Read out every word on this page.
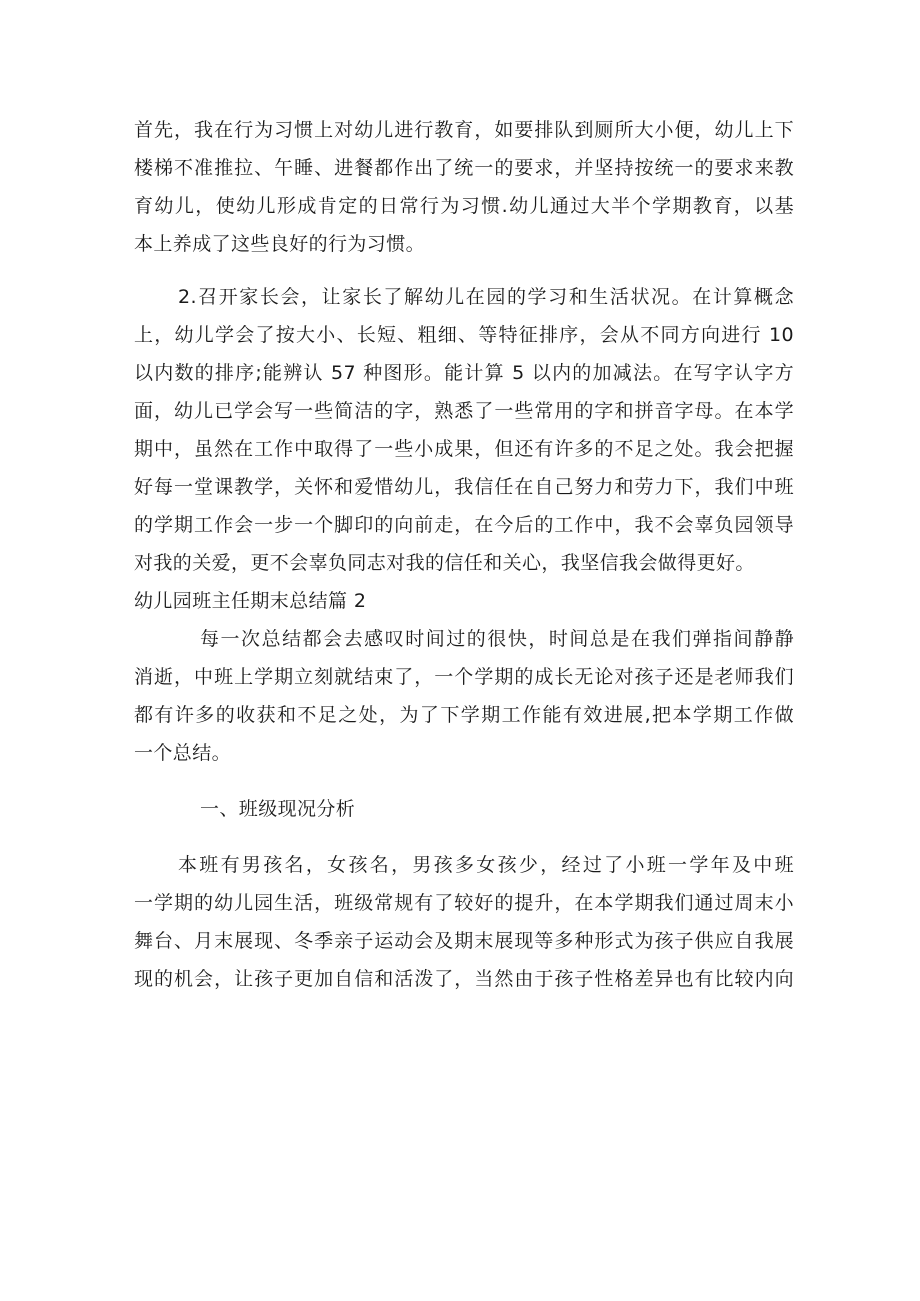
首先，我在行为习惯上对幼儿进行教育，如要排队到厕所大小便，幼儿上下
楼梯不准推拉、午睡、进餐都作出了统一的要求，并坚持按统一的要求来教
育幼儿，使幼儿形成肯定的日常行为习惯.幼儿通过大半个学期教育，以基
本上养成了这些良好的行为习惯。
2.召开家长会，让家长了解幼儿在园的学习和生活状况。在计算概念
上，幼儿学会了按大小、长短、粗细、等特征排序，会从不同方向进行 10
以内数的排序;能辨认 57 种图形。能计算 5 以内的加减法。在写字认字方
面，幼儿已学会写一些简洁的字，熟悉了一些常用的字和拼音字母。在本学
期中，虽然在工作中取得了一些小成果，但还有许多的不足之处。我会把握
好每一堂课教学，关怀和爱惜幼儿，我信任在自己努力和劳力下，我们中班
的学期工作会一步一个脚印的向前走，在今后的工作中，我不会辜负园领导
对我的关爱，更不会辜负同志对我的信任和关心，我坚信我会做得更好。
幼儿园班主任期末总结篇 2
每一次总结都会去感叹时间过的很快，时间总是在我们弹指间静静
消逝，中班上学期立刻就结束了，一个学期的成长无论对孩子还是老师我们
都有许多的收获和不足之处，为了下学期工作能有效进展,把本学期工作做
一个总结。
一、班级现况分析
本班有男孩名，女孩名，男孩多女孩少，经过了小班一学年及中班
一学期的幼儿园生活，班级常规有了较好的提升，在本学期我们通过周末小
舞台、月末展现、冬季亲子运动会及期末展现等多种形式为孩子供应自我展
现的机会，让孩子更加自信和活泼了，当然由于孩子性格差异也有比较内向
